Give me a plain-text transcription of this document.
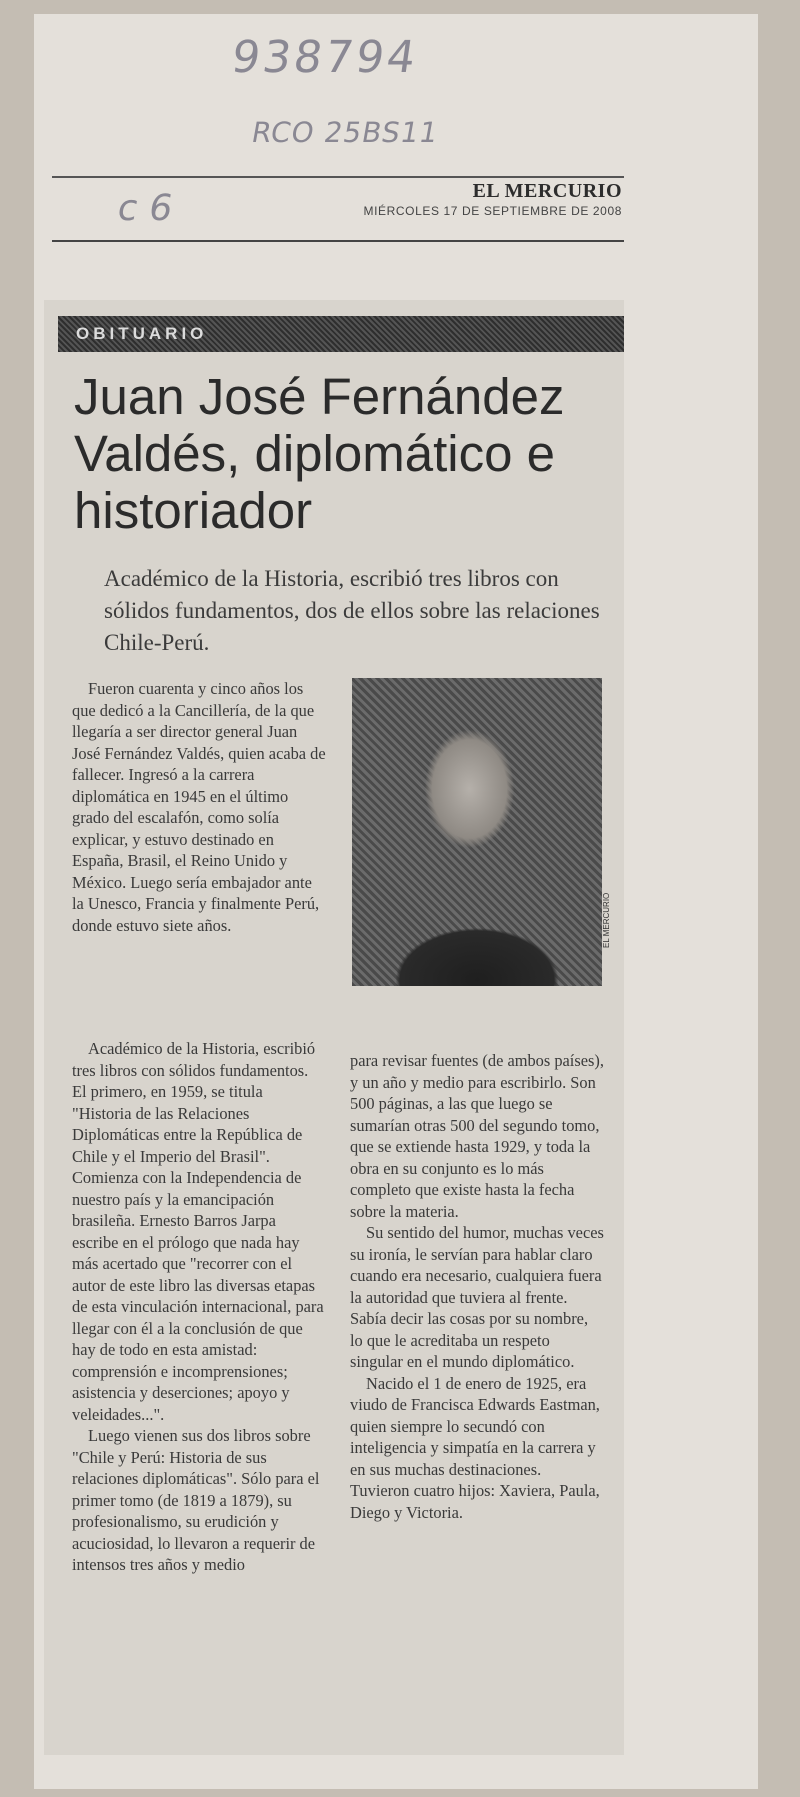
938794
RCO 25BS11
c 6	EL MERCURIO
MIÉRCOLES 17 DE SEPTIEMBRE DE 2008
OBITUARIO
Juan José Fernández Valdés, diplomático e historiador

Académico de la Historia, escribió tres libros con sólidos fundamentos, dos de ellos sobre las relaciones Chile-Perú.

Fueron cuarenta y cinco años los que dedicó a la Cancillería, de la que llegaría a ser director general Juan José Fernández Valdés, quien acaba de fallecer. Ingresó a la carrera diplomática en 1945 en el último grado del escalafón, como solía explicar, y estuvo destinado en España, Brasil, el Reino Unido y México. Luego sería embajador ante la Unesco, Francia y finalmente Perú, donde estuvo siete años.	EL MERCURIO

Académico de la Historia, escribió tres libros con sólidos fundamentos. El primero, en 1959, se titula "Historia de las Relaciones Diplomáticas entre la República de Chile y el Imperio del Brasil". Comienza con la Independencia de nuestro país y la emancipación brasileña. Ernesto Barros Jarpa escribe en el prólogo que nada hay más acertado que "recorrer con el autor de este libro las diversas etapas de esta vinculación internacional, para llegar con él a la conclusión de que hay de todo en esta amistad: comprensión e incomprensiones; asistencia y deserciones; apoyo y veleidades...".

Luego vienen sus dos libros sobre "Chile y Perú: Historia de sus relaciones diplomáticas". Sólo para el primer tomo (de 1819 a 1879), su profesionalismo, su erudición y acuciosidad, lo llevaron a requerir de intensos tres años y medio

para revisar fuentes (de ambos países), y un año y medio para escribirlo. Son 500 páginas, a las que luego se sumarían otras 500 del segundo tomo, que se extiende hasta 1929, y toda la obra en su conjunto es lo más completo que existe hasta la fecha sobre la materia.

Su sentido del humor, muchas veces su ironía, le servían para hablar claro cuando era necesario, cualquiera fuera la autoridad que tuviera al frente. Sabía decir las cosas por su nombre, lo que le acreditaba un respeto singular en el mundo diplomático.

Nacido el 1 de enero de 1925, era viudo de Francisca Edwards Eastman, quien siempre lo secundó con inteligencia y simpatía en la carrera y en sus muchas destinaciones. Tuvieron cuatro hijos: Xaviera, Paula, Diego y Victoria.
